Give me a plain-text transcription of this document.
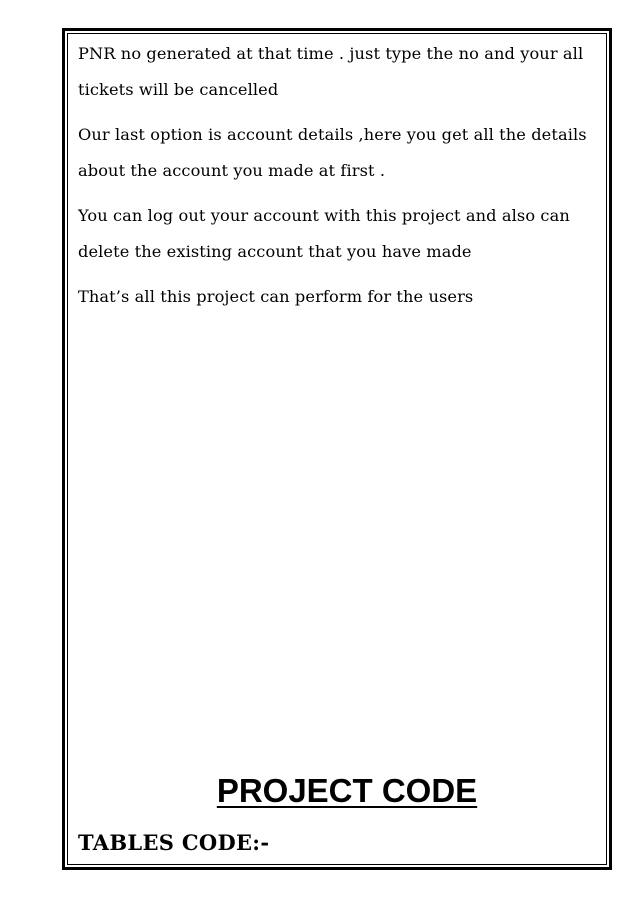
PNR no generated at that time . just type the no and your all tickets will be cancelled

Our last option is account details ,here you get all the details about the account you made at first .

You can log out your account with this project and also can delete the existing account that you have made

That’s all this project can perform for the users

PROJECT CODE
TABLES CODE:-
